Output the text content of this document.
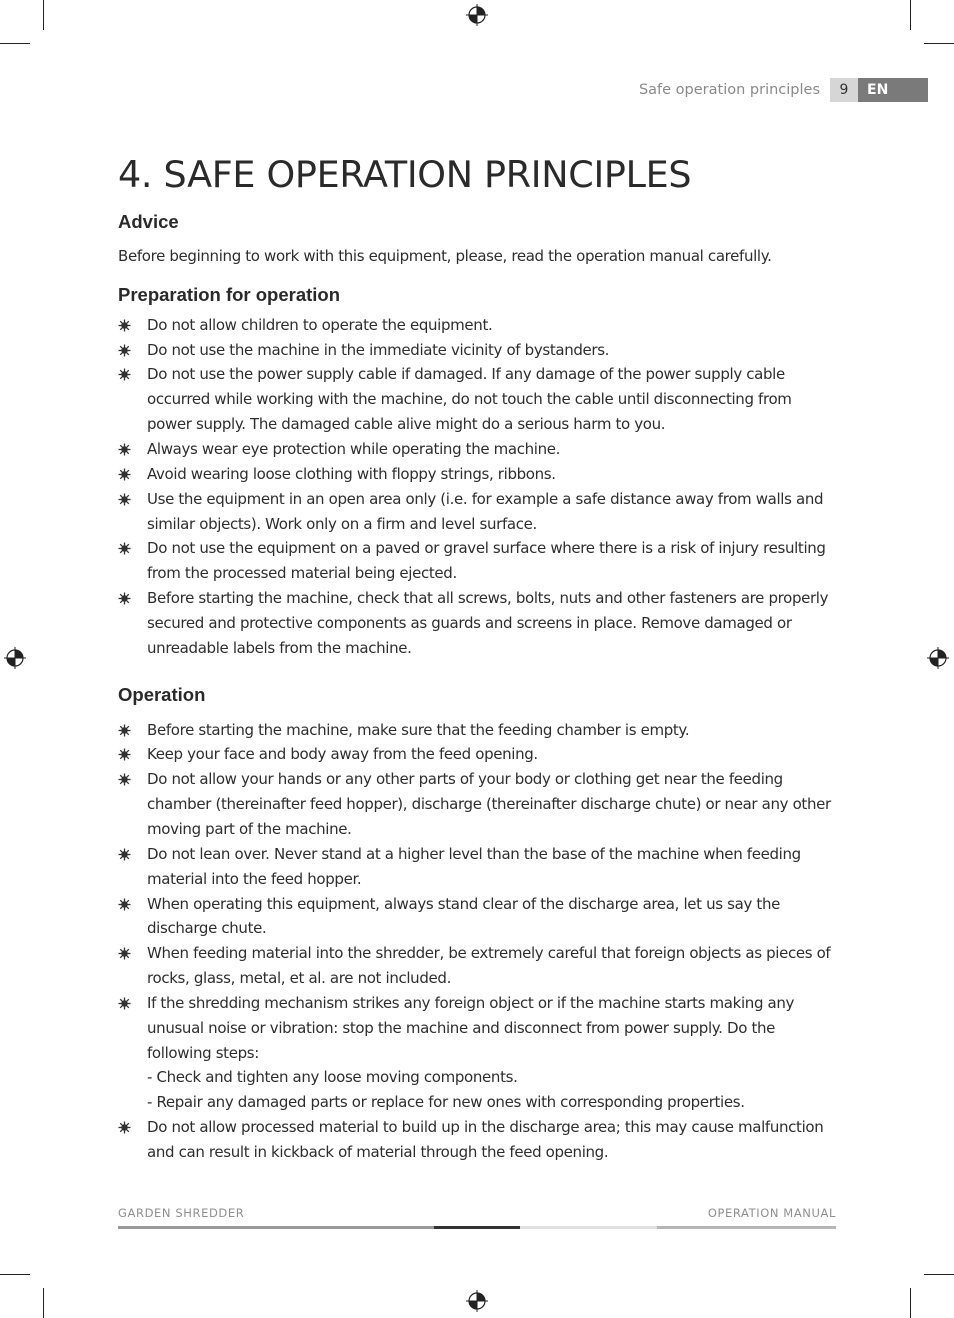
Safe operation principles	9	EN
4. SAFE OPERATION PRINCIPLES
Advice
Before beginning to work with this equipment, please, read the operation manual carefully.
Preparation for operation
Do not allow children to operate the equipment.
Do not use the machine in the immediate vicinity of bystanders.
Do not use the power supply cable if damaged. If any damage of the power supply cable occurred while working with the machine, do not touch the cable until disconnecting from power supply. The damaged cable alive might do a serious harm to you.
Always wear eye protection while operating the machine.
Avoid wearing loose clothing with floppy strings, ribbons.
Use the equipment in an open area only (i.e. for example a safe distance away from walls and similar objects). Work only on a firm and level surface.
Do not use the equipment on a paved or gravel surface where there is a risk of injury resulting from the processed material being ejected.
Before starting the machine, check that all screws, bolts, nuts and other fasteners are properly secured and protective components as guards and screens in place. Remove damaged or unreadable labels from the machine.
Operation
Before starting the machine, make sure that the feeding chamber is empty.
Keep your face and body away from the feed opening.
Do not allow your hands or any other parts of your body or clothing get near the feeding chamber (thereinafter feed hopper), discharge (thereinafter discharge chute) or near any other moving part of the machine.
Do not lean over. Never stand at a higher level than the base of the machine when feeding material into the feed hopper.
When operating this equipment, always stand clear of the discharge area, let us say the discharge chute.
When feeding material into the shredder, be extremely careful that foreign objects as pieces of rocks, glass, metal, et al. are not included.
If the shredding mechanism strikes any foreign object or if the machine starts making any unusual noise or vibration: stop the machine and disconnect from power supply. Do the following steps:
- Check and tighten any loose moving components.
- Repair any damaged parts or replace for new ones with corresponding properties.
Do not allow processed material to build up in the discharge area; this may cause malfunction and can result in kickback of material through the feed opening.
GARDEN SHREDDER	OPERATION MANUAL
